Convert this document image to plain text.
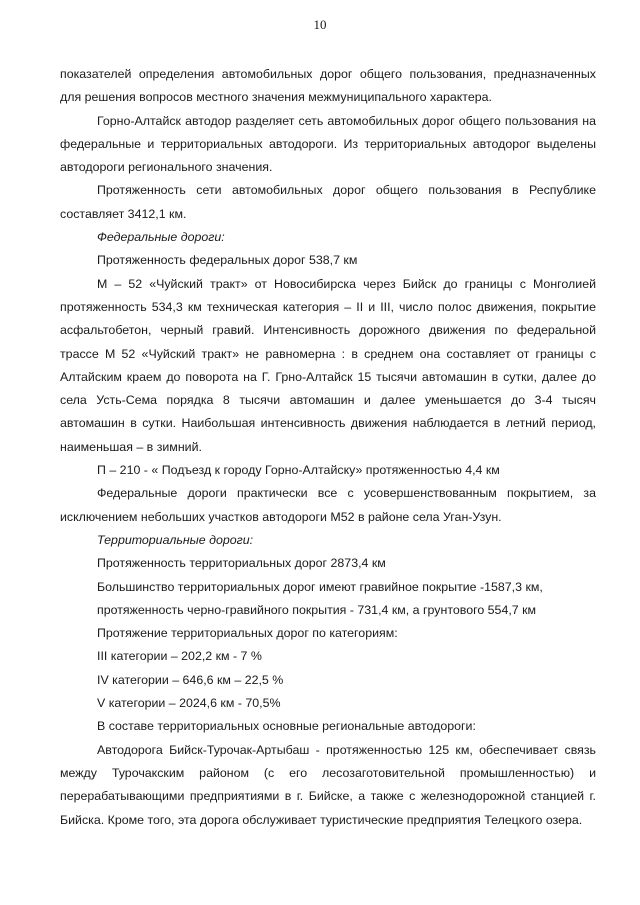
10

показателей определения автомобильных дорог общего пользования, предназначенных для решения вопросов местного значения межмуниципального характера.

Горно-Алтайск автодор разделяет сеть автомобильных дорог общего пользования на федеральные и территориальных автодороги. Из территориальных автодорог выделены автодороги регионального значения.

Протяженность сети автомобильных дорог общего пользования в Республике составляет 3412,1 км.

Федеральные дороги:

Протяженность федеральных дорог 538,7 км

М – 52 «Чуйский тракт» от Новосибирска через Бийск до границы с Монголией протяженность 534,3 км техническая категория – II и III, число полос движения, покрытие асфальтобетон, черный гравий. Интенсивность дорожного движения по федеральной трассе М 52 «Чуйский тракт» не равномерна : в среднем она составляет от границы с Алтайским краем до поворота на Г. Грно-Алтайск 15 тысячи автомашин в сутки, далее до села Усть-Сема порядка 8 тысячи автомашин и далее уменьшается до 3-4 тысяч автомашин в сутки. Наибольшая интенсивность движения наблюдается в летний период, наименьшая – в зимний.

П – 210 - « Подъезд к городу Горно-Алтайску» протяженностью 4,4 км

Федеральные дороги практически все с усовершенствованным покрытием, за исключением небольших участков автодороги М52 в районе села Уган-Узун.

Территориальные дороги:

Протяженность территориальных дорог 2873,4 км

Большинство территориальных дорог имеют гравийное покрытие -1587,3 км,

протяженность черно-гравийного покрытия - 731,4 км, а грунтового 554,7 км

Протяжение территориальных дорог по категориям:

III категории – 202,2 км - 7 %

IV категории – 646,6 км – 22,5 %

V категории – 2024,6 км - 70,5%

В составе территориальных основные региональные автодороги:

Автодорога Бийск-Турочак-Артыбаш - протяженностью 125 км, обеспечивает связь между Турочакским районом (с его лесозаготовительной промышленностью) и перерабатывающими предприятиями в г. Бийске, а также с железнодорожной станцией г. Бийска. Кроме того, эта дорога обслуживает туристические предприятия Телецкого озера.
